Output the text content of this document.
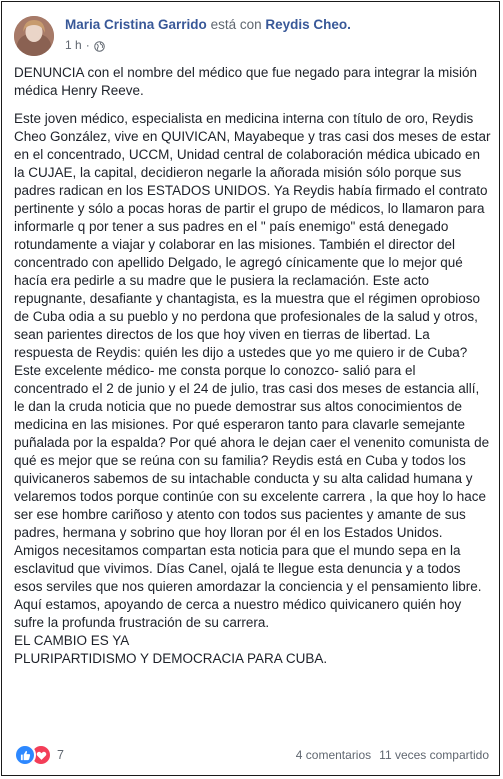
Maria Cristina Garrido está con Reydis Cheo.
1 h ·

DENUNCIA con el nombre del médico que fue negado para integrar la misión médica Henry Reeve.

Este joven médico, especialista en medicina interna con título de oro, Reydis Cheo González, vive en QUIVICAN, Mayabeque y tras casi dos meses de estar en el concentrado, UCCM, Unidad central de colaboración médica ubicado en la CUJAE, la capital, decidieron negarle la añorada misión sólo porque sus padres radican en los ESTADOS UNIDOS. Ya Reydis había firmado el contrato pertinente y sólo a pocas horas de partir el grupo de médicos, lo llamaron para informarle q por tener a sus padres en el " país enemigo" está denegado rotundamente a viajar y colaborar en las misiones. También el director del concentrado con apellido Delgado, le agregó cínicamente que lo mejor qué hacía era pedirle a su madre que le pusiera la reclamación. Este acto repugnante, desafiante y chantagista, es la muestra que el régimen oprobioso de Cuba odia a su pueblo y no perdona que profesionales de la salud y otros, sean parientes directos de los que hoy viven en tierras de libertad. La respuesta de Reydis: quién les dijo a ustedes que yo me quiero ir de Cuba?

Este excelente médico- me consta porque lo conozco- salió para el concentrado el 2 de junio y el 24 de julio, tras casi dos meses de estancia allí, le dan la cruda noticia que no puede demostrar sus altos conocimientos de medicina en las misiones. Por qué esperaron tanto para clavarle semejante puñalada por la espalda? Por qué ahora le dejan caer el venenito comunista de qué es mejor que se reúna con su familia? Reydis está en Cuba y todos los quivicaneros sabemos de su intachable conducta y su alta calidad humana y velaremos todos porque continúe con su excelente carrera , la que hoy lo hace ser ese hombre cariñoso y atento con todos sus pacientes y amante de sus padres, hermana y sobrino que hoy lloran por él en los Estados Unidos.

Amigos necesitamos compartan esta noticia para que el mundo sepa en la esclavitud que vivimos. Días Canel, ojalá te llegue esta denuncia y a todos esos serviles que nos quieren amordazar la conciencia y el pensamiento libre. Aquí estamos, apoyando de cerca a nuestro médico quivicanero quién hoy sufre la profunda frustración de su carrera.

EL CAMBIO ES YA

PLURIPARTIDISMO Y DEMOCRACIA PARA CUBA.

7	4 comentarios 11 veces compartido
